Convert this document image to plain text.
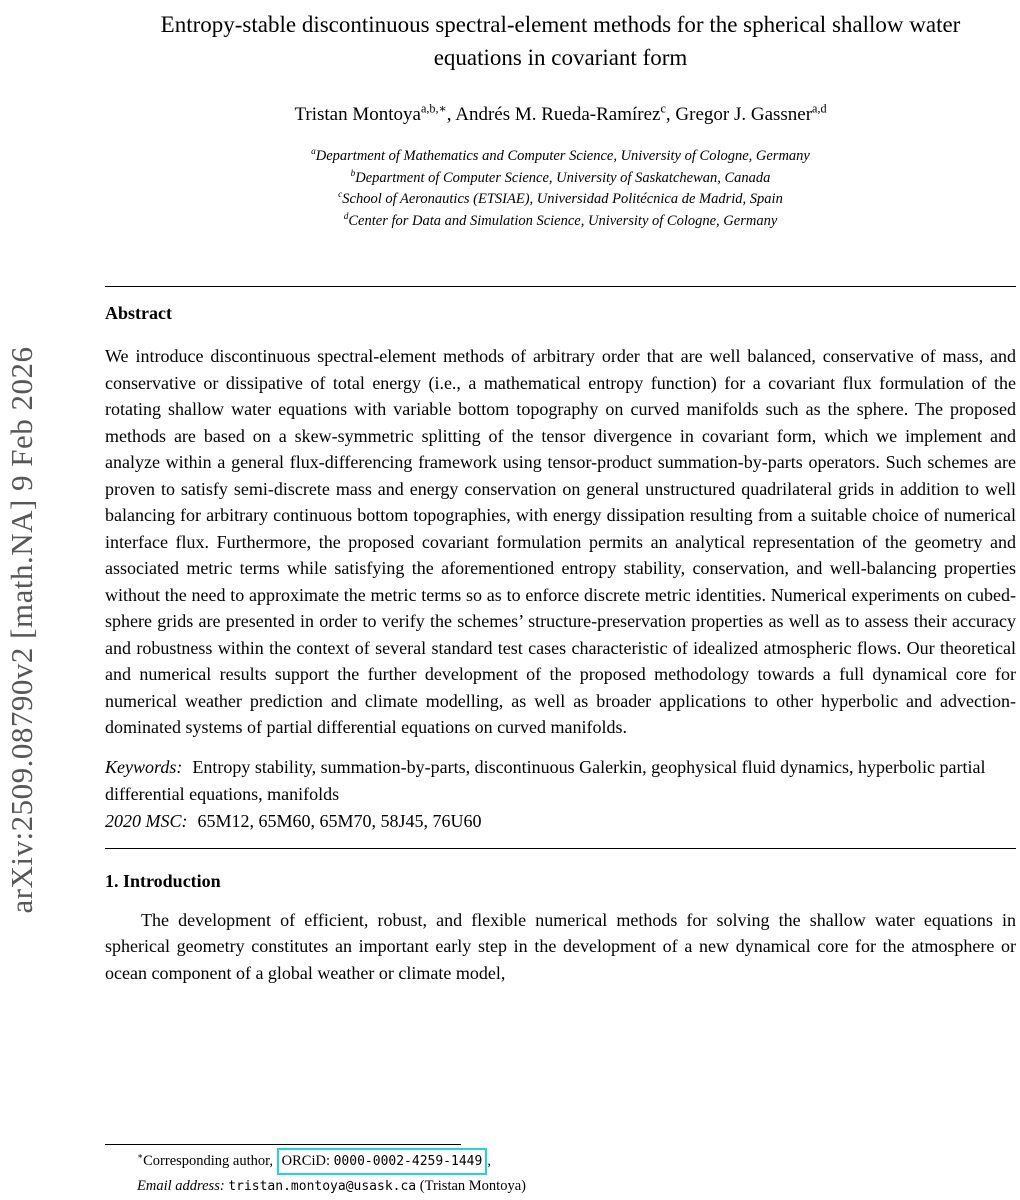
arXiv:2509.08790v2 [math.NA] 9 Feb 2026
Entropy-stable discontinuous spectral-element methods for the spherical shallow water equations in covariant form
Tristan Montoya$^{a,b,∗}$, Andrés M. Rueda-Ramírez$^c$, Gregor J. Gassner$^{a,d}$
$^a$Department of Mathematics and Computer Science, University of Cologne, Germany
$^b$Department of Computer Science, University of Saskatchewan, Canada
$^c$School of Aeronautics (ETSIAE), Universidad Politécnica de Madrid, Spain
$^d$Center for Data and Simulation Science, University of Cologne, Germany
Abstract

We introduce discontinuous spectral-element methods of arbitrary order that are well balanced, conservative of mass, and conservative or dissipative of total energy (i.e., a mathematical entropy function) for a covariant flux formulation of the rotating shallow water equations with variable bottom topography on curved manifolds such as the sphere. The proposed methods are based on a skew-symmetric splitting of the tensor divergence in covariant form, which we implement and analyze within a general flux-differencing framework using tensor-product summation-by-parts operators. Such schemes are proven to satisfy semi-discrete mass and energy conservation on general unstructured quadrilateral grids in addition to well balancing for arbitrary continuous bottom topographies, with energy dissipation resulting from a suitable choice of numerical interface flux. Furthermore, the proposed covariant formulation permits an analytical representation of the geometry and associated metric terms while satisfying the aforementioned entropy stability, conservation, and well-balancing properties without the need to approximate the metric terms so as to enforce discrete metric identities. Numerical experiments on cubed-sphere grids are presented in order to verify the schemes’ structure-preservation properties as well as to assess their accuracy and robustness within the context of several standard test cases characteristic of idealized atmospheric flows. Our theoretical and numerical results support the further development of the proposed methodology towards a full dynamical core for numerical weather prediction and climate modelling, as well as broader applications to other hyperbolic and advection-dominated systems of partial differential equations on curved manifolds.

Keywords: Entropy stability, summation-by-parts, discontinuous Galerkin, geophysical fluid dynamics, hyperbolic partial differential equations, manifolds

2020 MSC: 65M12, 65M60, 65M70, 58J45, 76U60

1. Introduction

The development of efficient, robust, and flexible numerical methods for solving the shallow water equations in spherical geometry constitutes an important early step in the development of a new dynamical core for the atmosphere or ocean component of a global weather or climate model,

∗Corresponding author, ORCiD: 0000-0002-4259-1449 ,

Email address: tristan.montoya@usask.ca (Tristan Montoya)
